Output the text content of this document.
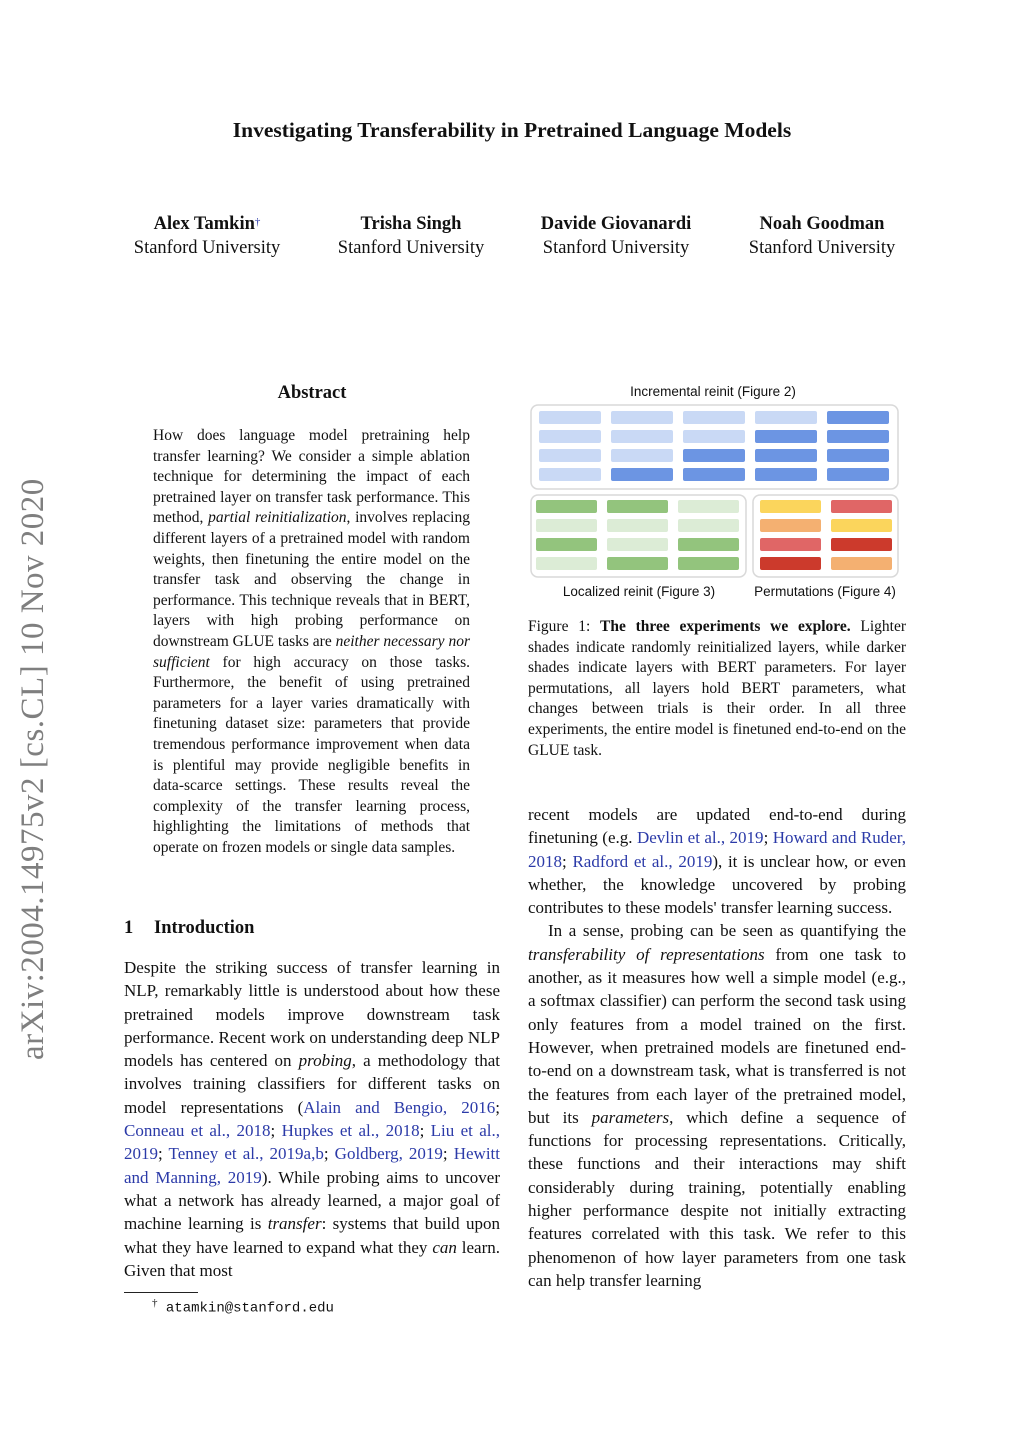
Investigating Transferability in Pretrained Language Models
Alex Tamkin†
Stanford University
Trisha Singh
Stanford University
Davide Giovanardi
Stanford University
Noah Goodman
Stanford University
arXiv:2004.14975v2 [cs.CL] 10 Nov 2020
Abstract
How does language model pretraining help transfer learning? We consider a simple ablation technique for determining the impact of each pretrained layer on transfer task performance. This method, partial reinitialization, involves replacing different layers of a pretrained model with random weights, then finetuning the entire model on the transfer task and observing the change in performance. This technique reveals that in BERT, layers with high probing performance on downstream GLUE tasks are neither necessary nor sufficient for high accuracy on those tasks. Furthermore, the benefit of using pretrained parameters for a layer varies dramatically with finetuning dataset size: parameters that provide tremendous performance improvement when data is plentiful may provide negligible benefits in data-scarce settings. These results reveal the complexity of the transfer learning process, highlighting the limitations of methods that operate on frozen models or single data samples.
1 Introduction
Despite the striking success of transfer learning in NLP, remarkably little is understood about how these pretrained models improve downstream task performance. Recent work on understanding deep NLP models has centered on probing, a methodology that involves training classifiers for different tasks on model representations (Alain and Bengio, 2016; Conneau et al., 2018; Hupkes et al., 2018; Liu et al., 2019; Tenney et al., 2019a,b; Goldberg, 2019; Hewitt and Manning, 2019). While probing aims to uncover what a network has already learned, a major goal of machine learning is transfer: systems that build upon what they have learned to expand what they can learn. Given that most
† atamkin@stanford.edu
Incremental reinit (Figure 2)
Localized reinit (Figure 3)	Permutations (Figure 4)
Figure 1: The three experiments we explore. Lighter shades indicate randomly reinitialized layers, while darker shades indicate layers with BERT parameters. For layer permutations, all layers hold BERT parameters, what changes between trials is their order. In all three experiments, the entire model is finetuned end-to-end on the GLUE task.

recent models are updated end-to-end during finetuning (e.g. Devlin et al., 2019; Howard and Ruder, 2018; Radford et al., 2019), it is unclear how, or even whether, the knowledge uncovered by probing contributes to these models' transfer learning success.

In a sense, probing can be seen as quantifying the transferability of representations from one task to another, as it measures how well a simple model (e.g., a softmax classifier) can perform the second task using only features from a model trained on the first. However, when pretrained models are finetuned end-to-end on a downstream task, what is transferred is not the features from each layer of the pretrained model, but its parameters, which define a sequence of functions for processing representations. Critically, these functions and their interactions may shift considerably during training, potentially enabling higher performance despite not initially extracting features correlated with this task. We refer to this phenomenon of how layer parameters from one task can help transfer learning
